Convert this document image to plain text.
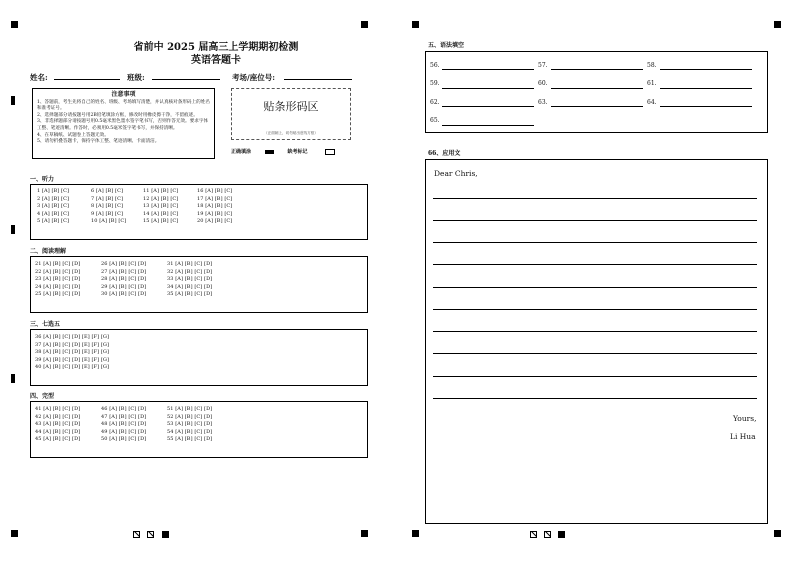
省前中 2025 届高三上学期期初检测
英语答题卡
姓名:	班级:	考场/座位号:
注意事项
1、答题前，考生先将自己的姓名、班级、考场填写清楚，并认真核对条形码上的姓名和准考证号。
2、选择题部分请按题号用2B铅笔填涂方框，修改时用橡皮擦干净，不留痕迹。
3、非选择题部分请按题号用0.5毫米黑色墨水签字笔书写，否则作答无效。要求字体工整、笔迹清晰。作答时，必须用0.5毫米签字笔书写，并保持清晰。
4、在草稿纸、试题卷上答题无效。
5、请勿折叠答题卡，保持字体工整、笔迹清晰、卡面清洁。
贴条形码区
（正面朝上，切勿贴出虚线方框）
正确填涂	缺考标记
一、听力
1 [A] [B] [C]	6 [A] [B] [C]	11 [A] [B] [C]	16 [A] [B] [C]
2 [A] [B] [C]	7 [A] [B] [C]	12 [A] [B] [C]	17 [A] [B] [C]
3 [A] [B] [C]	8 [A] [B] [C]	13 [A] [B] [C]	18 [A] [B] [C]
4 [A] [B] [C]	9 [A] [B] [C]	14 [A] [B] [C]	19 [A] [B] [C]
5 [A] [B] [C]	10 [A] [B] [C]	15 [A] [B] [C]	20 [A] [B] [C]
二、阅读理解
21 [A] [B] [C] [D]	26 [A] [B] [C] [D]	31 [A] [B] [C] [D]
22 [A] [B] [C] [D]	27 [A] [B] [C] [D]	32 [A] [B] [C] [D]
23 [A] [B] [C] [D]	28 [A] [B] [C] [D]	33 [A] [B] [C] [D]
24 [A] [B] [C] [D]	29 [A] [B] [C] [D]	34 [A] [B] [C] [D]
25 [A] [B] [C] [D]	30 [A] [B] [C] [D]	35 [A] [B] [C] [D]
三、七选五
36 [A] [B] [C] [D] [E] [F] [G]
37 [A] [B] [C] [D] [E] [F] [G]
38 [A] [B] [C] [D] [E] [F] [G]
39 [A] [B] [C] [D] [E] [F] [G]
40 [A] [B] [C] [D] [E] [F] [G]
四、完型
41 [A] [B] [C] [D]	46 [A] [B] [C] [D]	51 [A] [B] [C] [D]
42 [A] [B] [C] [D]	47 [A] [B] [C] [D]	52 [A] [B] [C] [D]
43 [A] [B] [C] [D]	48 [A] [B] [C] [D]	53 [A] [B] [C] [D]
44 [A] [B] [C] [D]	49 [A] [B] [C] [D]	54 [A] [B] [C] [D]
45 [A] [B] [C] [D]	50 [A] [B] [C] [D]	55 [A] [B] [C] [D]
五、语法填空
56.	57.	58.
59.	60.	61.
62.	63.	64.
65.
66、应用文
Dear Chris,
Yours,
Li Hua
